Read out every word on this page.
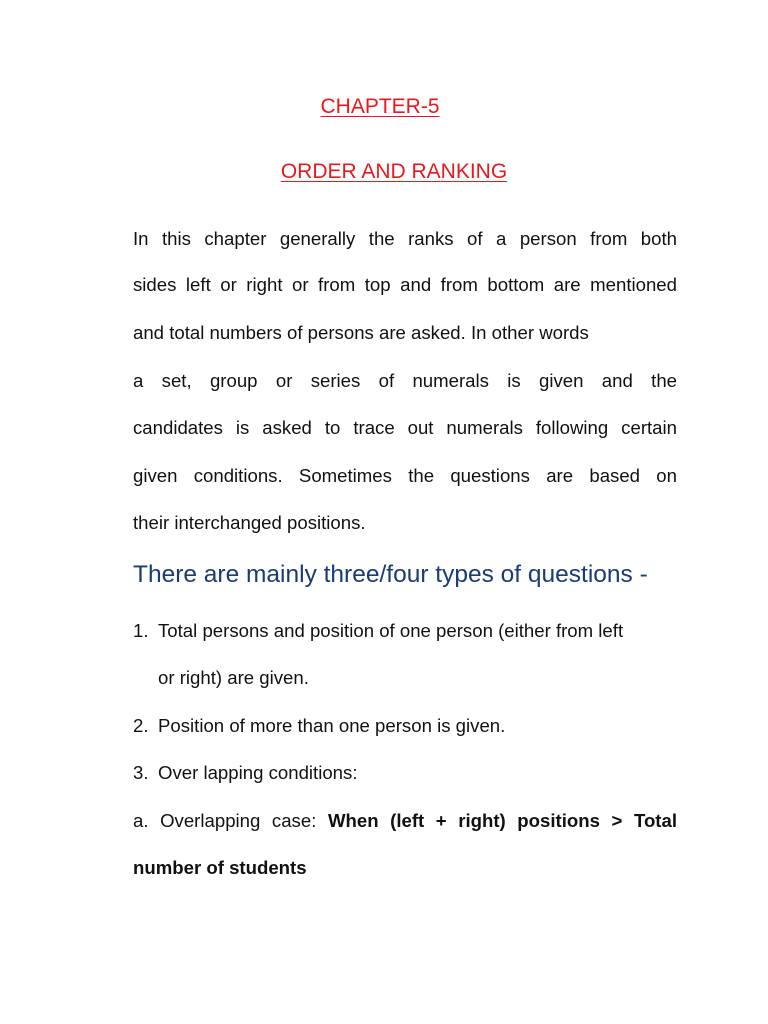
CHAPTER-5
ORDER AND RANKING
In this chapter generally the ranks of a person from both
sides left or right or from top and from bottom are mentioned
and total numbers of persons are asked. In other words
a set, group or series of numerals is given and the
candidates is asked to trace out numerals following certain
given conditions. Sometimes the questions are based on
their interchanged positions.
There are mainly three/four types of questions -
1. Total persons and position of one person (either from left
or right) are given.
2. Position of more than one person is given.
3. Over lapping conditions:
a. Overlapping case: When (left + right) positions > Total
number of students
